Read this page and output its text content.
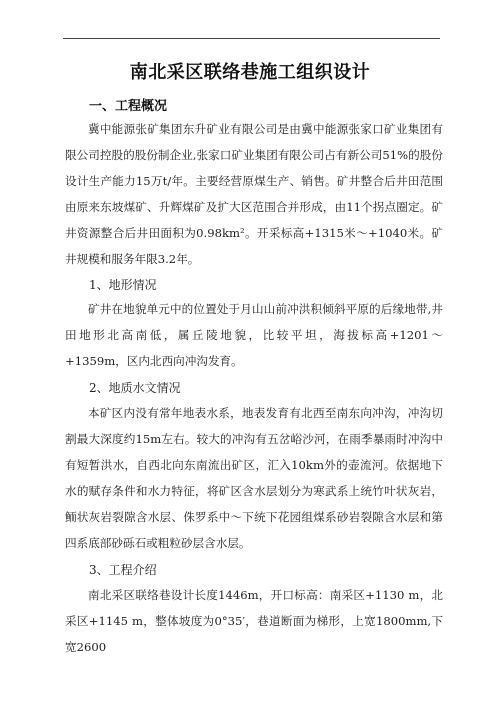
南北采区联络巷施工组织设计
一、工程概况

冀中能源张矿集团东升矿业有限公司是由冀中能源张家口矿业集团有限公司控股的股份制企业,张家口矿业集团有限公司占有新公司51%的股份设计生产能力15万t/年。主要经营原煤生产、销售。矿井整合后井田范围由原来东坡煤矿、升辉煤矿及扩大区范围合并形成，由11个拐点圈定。矿井资源整合后井田面积为0.98km²。开采标高+1315米～+1040米。矿井规模和服务年限3.2年。

1、地形情况

矿井在地貌单元中的位置处于月山山前冲洪积倾斜平原的后缘地带,井田地形北高南低，属丘陵地貌，比较平坦，海拔标高+1201～+1359m，区内北西向冲沟发育。

2、地质水文情况

本矿区内没有常年地表水系，地表发育有北西至南东向冲沟，冲沟切割最大深度约15m左右。较大的冲沟有五岔峪沙河，在雨季暴雨时冲沟中有短暂洪水，自西北向东南流出矿区，汇入10km外的壶流河。依据地下水的赋存条件和水力特征，将矿区含水层划分为寒武系上统竹叶状灰岩，鲕状灰岩裂隙含水层、侏罗系中～下统下花园组煤系砂岩裂隙含水层和第四系底部砂砾石或粗粒砂层含水层。

3、工程介绍

南北采区联络巷设计长度1446m，开口标高：南采区+1130 m，北采区+1145 m，整体坡度为0°35′，巷道断面为梯形，上宽1800mm,下宽2600
